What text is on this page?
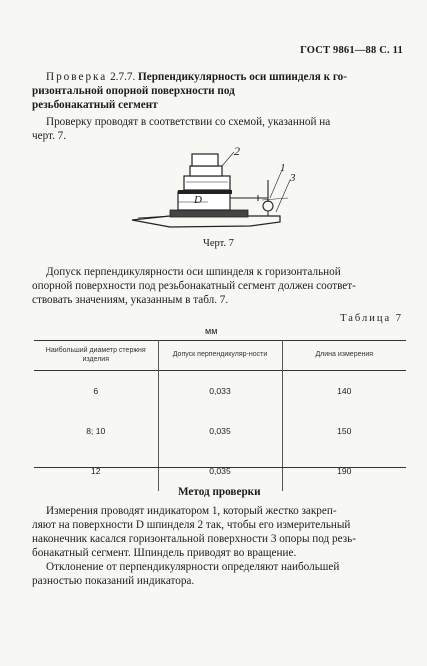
ГОСТ 9861—88 С. 11
Проверка 2.7.7. Перпендикулярность оси шпинделя к го-
ризонтальной опорной поверхности под
резьбонакатный сегмент
Проверку проводят в соответствии со схемой, указанной на
черт. 7.
2
1
3
D
Черт. 7
Допуск перпендикулярности оси шпинделя к горизонтальной
опорной поверхности под резьбонакатный сегмент должен соответ-
ствовать значениям, указанным в табл. 7.
Таблица 7
мм
Наибольший диаметр стержня изделия	Допуск перпендикуляр-ности	Длина измерения
6	0,033	140
8; 10	0,035	150
12	0,035	190
Метод проверки
Измерения проводят индикатором 1, который жестко закреп-
ляют на поверхности D шпинделя 2 так, чтобы его измерительный
наконечник касался горизонтальной поверхности 3 опоры под резь-
бонакатный сегмент. Шпиндель приводят во вращение.
Отклонение от перпендикулярности определяют наибольшей
разностью показаний индикатора.
